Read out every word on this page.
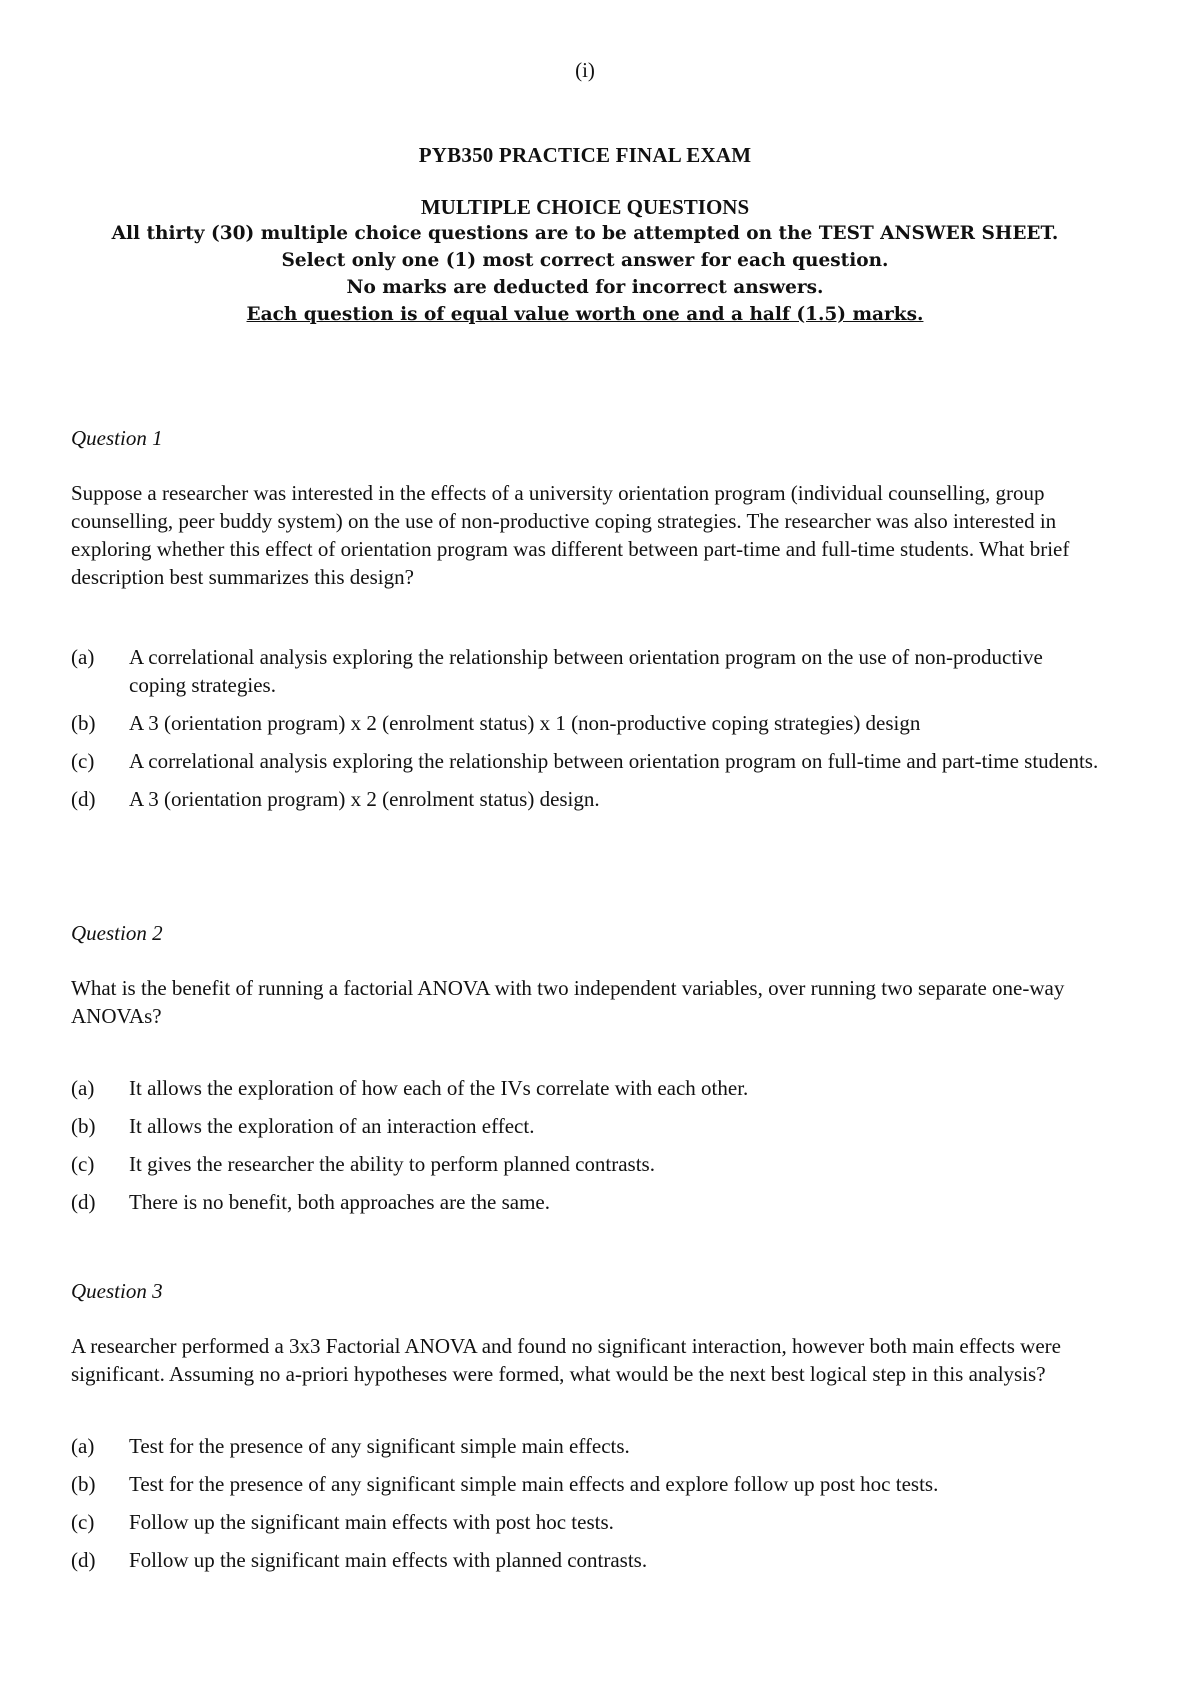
(i)
PYB350 PRACTICE FINAL EXAM
MULTIPLE CHOICE QUESTIONS
All thirty (30) multiple choice questions are to be attempted on the TEST ANSWER SHEET.
Select only one (1) most correct answer for each question.
No marks are deducted for incorrect answers.
Each question is of equal value worth one and a half (1.5) marks.
Question 1
Suppose a researcher was interested in the effects of a university orientation program (individual counselling, group counselling, peer buddy system) on the use of non-productive coping strategies. The researcher was also interested in exploring whether this effect of orientation program was different between part-time and full-time students. What brief description best summarizes this design?
(a)	A correlational analysis exploring the relationship between orientation program on the use of non-productive coping strategies.
(b)	A 3 (orientation program) x 2 (enrolment status) x 1 (non-productive coping strategies) design
(c)	A correlational analysis exploring the relationship between orientation program on full-time and part-time students.
(d)	A 3 (orientation program) x 2 (enrolment status) design.
Question 2
What is the benefit of running a factorial ANOVA with two independent variables, over running two separate one-way ANOVAs?
(a)	It allows the exploration of how each of the IVs correlate with each other.
(b)	It allows the exploration of an interaction effect.
(c)	It gives the researcher the ability to perform planned contrasts.
(d)	There is no benefit, both approaches are the same.
Question 3
A researcher performed a 3x3 Factorial ANOVA and found no significant interaction, however both main effects were significant. Assuming no a-priori hypotheses were formed, what would be the next best logical step in this analysis?
(a)	Test for the presence of any significant simple main effects.
(b)	Test for the presence of any significant simple main effects and explore follow up post hoc tests.
(c)	Follow up the significant main effects with post hoc tests.
(d)	Follow up the significant main effects with planned contrasts.
